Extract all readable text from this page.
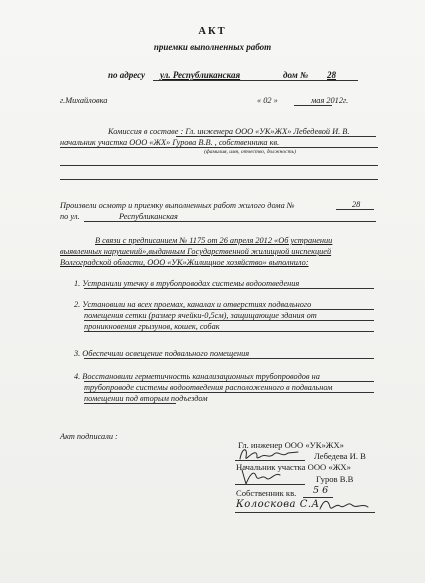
АКТ
приемки выполненных работ
по адресу ул. Республиканская	дом № 28
г.Михайловка	« 02 »	мая 2012г.
Комиссия в составе : Гл. инженера ООО «УК»ЖХ» Лебедевой И. В.
начальник участка ООО «ЖХ» Гурова В.В. , собственника кв.
(фамилия, имя, отчество, должность)
Произвели осмотр и приемку выполненных работ жилого дома №	28
по ул.	Республиканская
В связи с предписанием № 1175 от 26 апреля 2012 «Об устранении
выявленных нарушений»,выданным Государственной жилищной инспекцией
Волгоградской области, ООО «УК»Жилищное хозяйство» выполнило:
1. Устранили утечку в трубопроводах системы водоотведения
2. Установили на всех проемах, каналах и отверстиях подвального
помещения сетки (размер ячейки-0,5см), защищающие здания от
проникновения грызунов, кошек, собак
3. Обеспечили освещение подвального помещения
4. Восстановили герметичность канализационных трубопроводов на
трубопроводе системы водоотведения расположенного в подвальном
помещении под вторым подъездом
Акт подписали :
Гл. инженер ООО «УК»ЖХ»
Лебедева И. В
Начальник участка ООО «ЖХ»
Гуров В.В
Собственник кв. 5 6
Колоскова С.А.
